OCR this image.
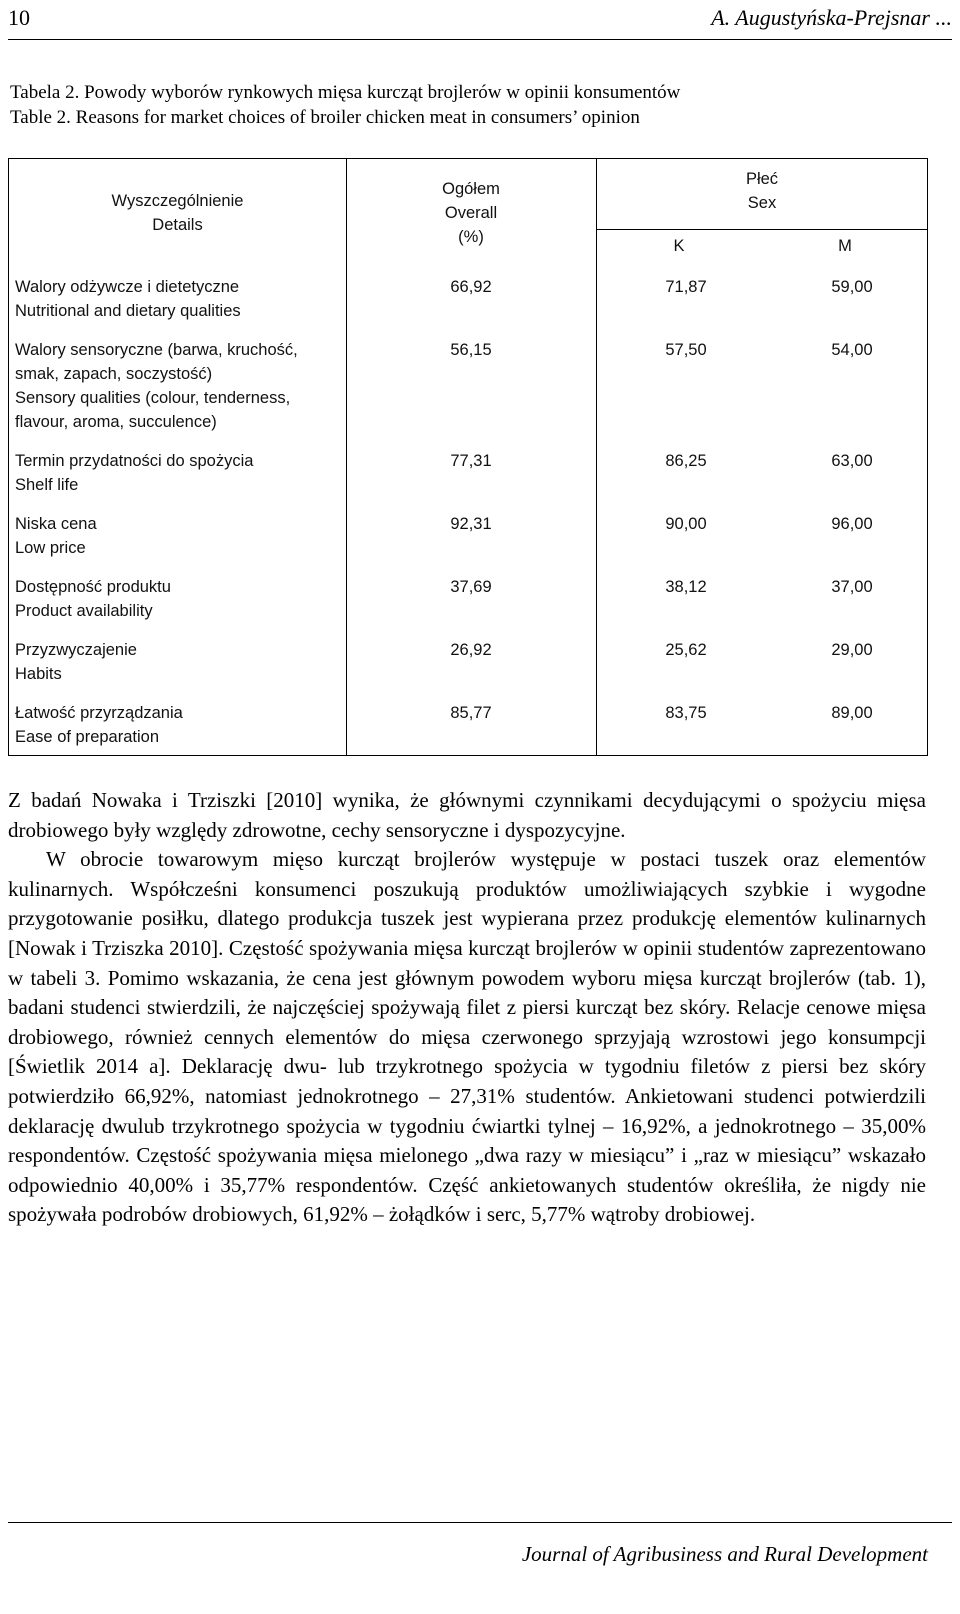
10	A. Augustyńska-Prejsnar ...
Tabela 2. Powody wyborów rynkowych mięsa kurcząt brojlerów w opinii konsumentów
Table 2. Reasons for market choices of broiler chicken meat in consumers’ opinion
Wyszczególnienie
Details
Ogółem
Overall
(%)
Płeć
Sex
K	M
Walory odżywcze i dietetyczne
Nutritional and dietary qualities
66,92	71,87	59,00
Walory sensoryczne (barwa, kruchość,
smak, zapach, soczystość)
Sensory qualities (colour, tenderness,
flavour, aroma, succulence)
56,15	57,50	54,00
Termin przydatności do spożycia
Shelf life
77,31	86,25	63,00
Niska cena
Low price
92,31	90,00	96,00
Dostępność produktu
Product availability
37,69	38,12	37,00
Przyzwyczajenie
Habits
26,92	25,62	29,00
Łatwość przyrządzania
Ease of preparation
85,77	83,75	89,00

Z badań Nowaka i Trziszki [2010] wynika, że głównymi czynnikami decydującymi o spożyciu mięsa drobiowego były względy zdrowotne, cechy sensoryczne i dyspozycyjne.

W obrocie towarowym mięso kurcząt brojlerów występuje w postaci tuszek oraz elementów kulinarnych. Współcześni konsumenci poszukują produktów umożliwiających szybkie i wygodne przygotowanie posiłku, dlatego produkcja tuszek jest wypierana przez produkcję elementów kulinarnych [Nowak i Trziszka 2010]. Częstość spożywania mięsa kurcząt brojlerów w opinii studentów zaprezentowano w tabeli 3. Pomimo wskazania, że cena jest głównym powodem wyboru mięsa kurcząt brojlerów (tab. 1), badani studenci stwierdzili, że najczęściej spożywają filet z piersi kurcząt bez skóry. Relacje cenowe mięsa drobiowego, również cennych elementów do mięsa czerwonego sprzyjają wzrostowi jego konsumpcji [Świetlik 2014 a]. Deklarację dwu- lub trzykrotnego spożycia w tygodniu filetów z piersi bez skóry potwierdziło 66,92%, natomiast jednokrotnego – 27,31% studentów. Ankietowani studenci potwierdzili deklarację dwulub trzykrotnego spożycia w tygodniu ćwiartki tylnej – 16,92%, a jednokrotnego – 35,00% respondentów. Częstość spożywania mięsa mielonego „dwa razy w miesiącu” i „raz w miesiącu” wskazało odpowiednio 40,00% i 35,77% respondentów. Część ankietowanych studentów określiła, że nigdy nie spożywała podrobów drobiowych, 61,92% – żołądków i serc, 5,77% wątroby drobiowej.

Journal of Agribusiness and Rural Development
